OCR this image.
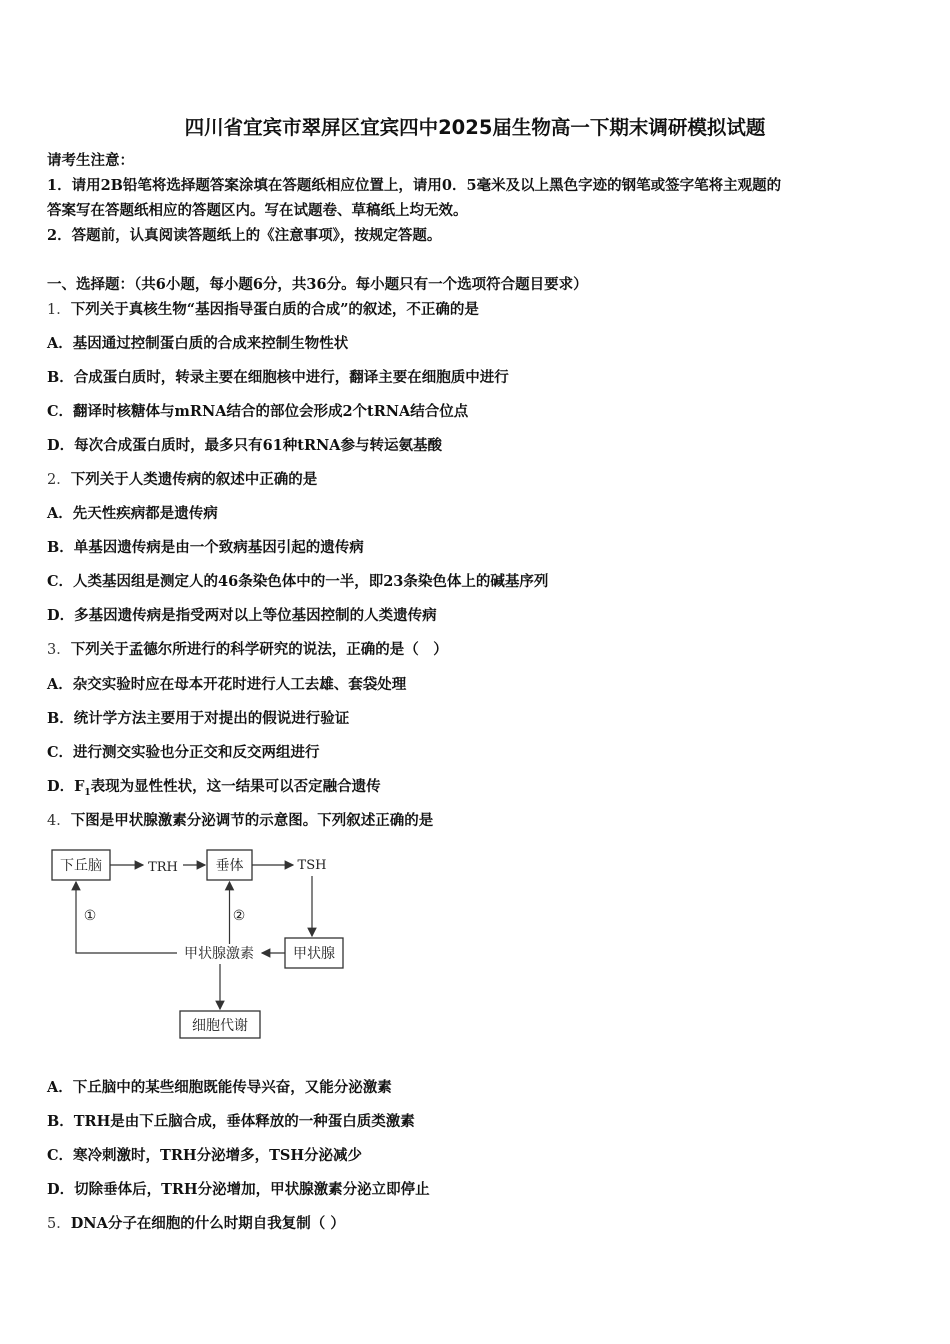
四川省宜宾市翠屏区宜宾四中2025届生物高一下期末调研模拟试题
请考生注意：
1．请用2B铅笔将选择题答案涂填在答题纸相应位置上，请用0．5毫米及以上黑色字迹的钢笔或签字笔将主观题的
答案写在答题纸相应的答题区内。写在试题卷、草稿纸上均无效。
2．答题前，认真阅读答题纸上的《注意事项》，按规定答题。
一、选择题：（共6小题，每小题6分，共36分。每小题只有一个选项符合题目要求）
1．下列关于真核生物“基因指导蛋白质的合成”的叙述，不正确的是
A．基因通过控制蛋白质的合成来控制生物性状
B．合成蛋白质时，转录主要在细胞核中进行，翻译主要在细胞质中进行
C．翻译时核糖体与mRNA结合的部位会形成2个tRNA结合位点
D．每次合成蛋白质时，最多只有61种tRNA参与转运氨基酸
2．下列关于人类遗传病的叙述中正确的是
A．先天性疾病都是遗传病
B．单基因遗传病是由一个致病基因引起的遗传病
C．人类基因组是测定人的46条染色体中的一半，即23条染色体上的碱基序列
D．多基因遗传病是指受两对以上等位基因控制的人类遗传病
3．下列关于孟德尔所进行的科学研究的说法，正确的是（　）
A．杂交实验时应在母本开花时进行人工去雄、套袋处理
B．统计学方法主要用于对提出的假说进行验证
C．进行测交实验也分正交和反交两组进行
D．$F_1$表现为显性性状，这一结果可以否定融合遗传
4．下图是甲状腺激素分泌调节的示意图。下列叙述正确的是
下丘脑	垂体
甲状腺
细胞代谢
TRH	TSH
甲状腺激素
②
①
A．下丘脑中的某些细胞既能传导兴奋，又能分泌激素
B．TRH是由下丘脑合成，垂体释放的一种蛋白质类激素
C．寒冷刺激时，TRH分泌增多，TSH分泌减少
D．切除垂体后，TRH分泌增加，甲状腺激素分泌立即停止
5．DNA分子在细胞的什么时期自我复制（ ）
